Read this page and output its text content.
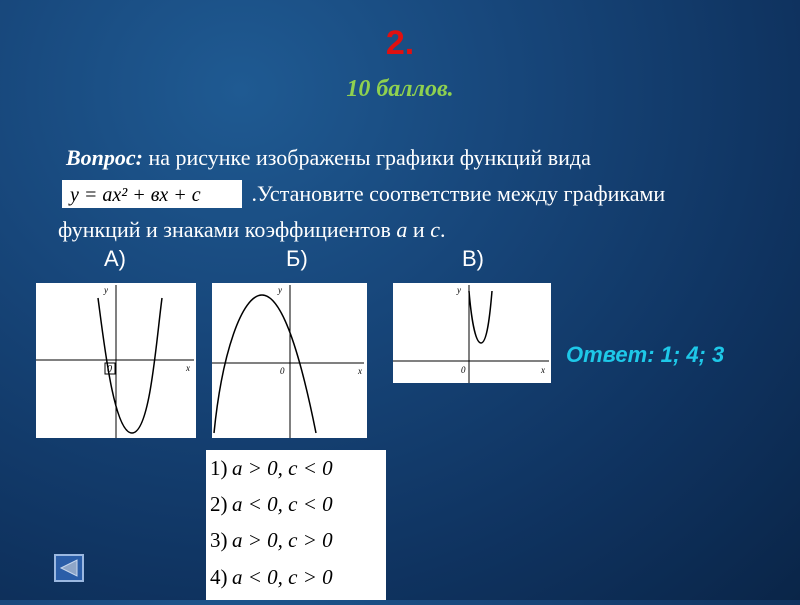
2.
10 баллов.
Вопрос: на рисунке изображены графики функций вида
y = ax² + вx + c .Установите соответствие между графиками функций и знаками коэффициентов a и c.
А)	Б)	В)
y
x
0
y
x
0
y
x
0
Ответ: 1; 4; 3
1) a > 0, c < 0
2) a < 0, c < 0
3) a > 0, c > 0
4) a < 0, c > 0
